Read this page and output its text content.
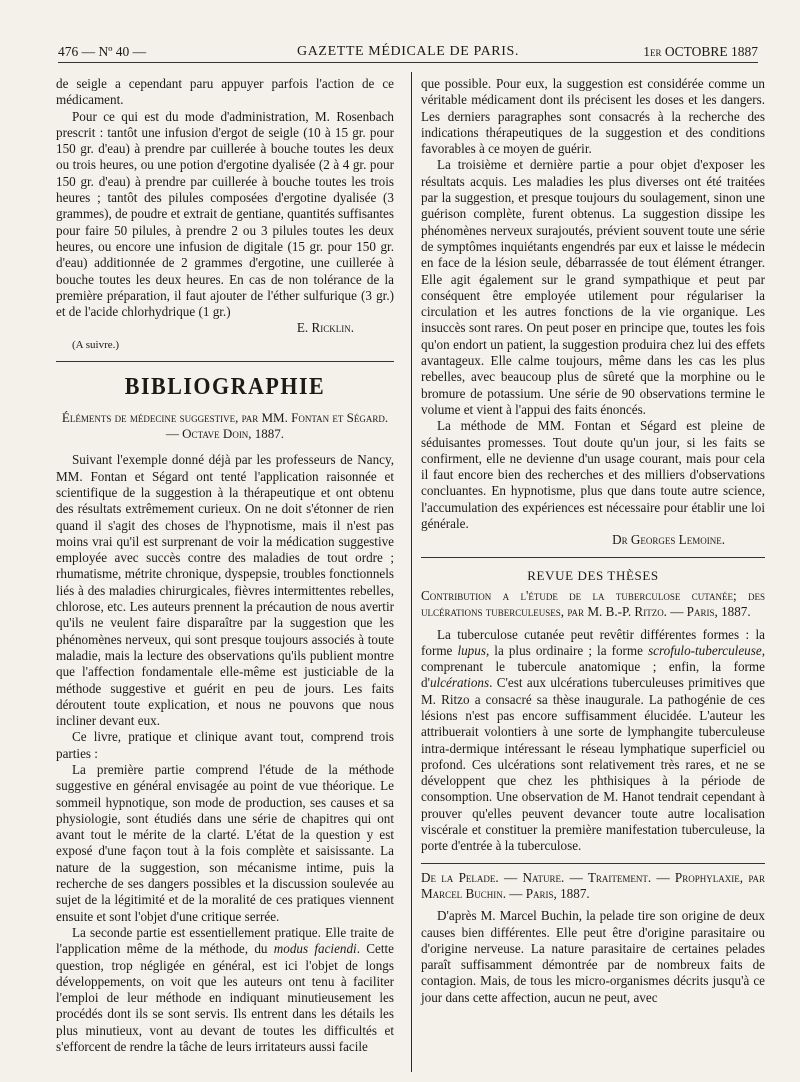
476 — Nº 40 —	GAZETTE MÉDICALE DE PARIS.	1er OCTOBRE 1887

de seigle a cependant paru appuyer parfois l'action de ce médicament.

Pour ce qui est du mode d'administration, M. Rosenbach prescrit : tantôt une infusion d'ergot de seigle (10 à 15 gr. pour 150 gr. d'eau) à prendre par cuillerée à bouche toutes les deux ou trois heures, ou une potion d'ergotine dyalisée (2 à 4 gr. pour 150 gr. d'eau) à prendre par cuillerée à bouche toutes les trois heures ; tantôt des pilules composées d'ergotine dyalisée (3 grammes), de poudre et extrait de gentiane, quantités suffisantes pour faire 50 pilules, à prendre 2 ou 3 pilules toutes les deux heures, ou encore une infusion de digitale (15 gr. pour 150 gr. d'eau) additionnée de 2 grammes d'ergotine, une cuillerée à bouche toutes les deux heures. En cas de non tolérance de la première préparation, il faut ajouter de l'éther sulfurique (3 gr.) et de l'acide chlorhydrique (1 gr.)

E. Ricklin.
(A suivre.)
BIBLIOGRAPHIE
Éléments de médecine suggestive, par MM. Fontan et Ségard. — Octave Doin, 1887.

Suivant l'exemple donné déjà par les professeurs de Nancy, MM. Fontan et Ségard ont tenté l'application raisonnée et scientifique de la suggestion à la thérapeutique et ont obtenu des résultats extrêmement curieux. On ne doit s'étonner de rien quand il s'agit des choses de l'hypnotisme, mais il n'est pas moins vrai qu'il est surprenant de voir la médication suggestive employée avec succès contre des maladies de tout ordre ; rhumatisme, métrite chronique, dyspepsie, troubles fonctionnels liés à des maladies chirurgicales, fièvres intermittentes rebelles, chlorose, etc. Les auteurs prennent la précaution de nous avertir qu'ils ne veulent faire disparaître par la suggestion que les phénomènes nerveux, qui sont presque toujours associés à toute maladie, mais la lecture des observations qu'ils publient montre que l'affection fondamentale elle-même est justiciable de la méthode suggestive et guérit en peu de jours. Les faits déroutent toute explication, et nous ne pouvons que nous incliner devant eux.

Ce livre, pratique et clinique avant tout, comprend trois parties :

La première partie comprend l'étude de la méthode suggestive en général envisagée au point de vue théorique. Le sommeil hypnotique, son mode de production, ses causes et sa physiologie, sont étudiés dans une série de chapitres qui ont avant tout le mérite de la clarté. L'état de la question y est exposé d'une façon tout à la fois complète et saisissante. La nature de la suggestion, son mécanisme intime, puis la recherche de ses dangers possibles et la discussion soulevée au sujet de la légitimité et de la moralité de ces pratiques viennent ensuite et sont l'objet d'une critique serrée.

La seconde partie est essentiellement pratique. Elle traite de l'application même de la méthode, du modus faciendi. Cette question, trop négligée en général, est ici l'objet de longs développements, on voit que les auteurs ont tenu à faciliter l'emploi de leur méthode en indiquant minutieusement les procédés dont ils se sont servis. Ils entrent dans les détails les plus minutieux, vont au devant de toutes les difficultés et s'efforcent de rendre la tâche de leurs irritateurs aussi facile

que possible. Pour eux, la suggestion est considérée comme un véritable médicament dont ils précisent les doses et les dangers. Les derniers paragraphes sont consacrés à la recherche des indications thérapeutiques de la suggestion et des conditions favorables à ce moyen de guérir.

La troisième et dernière partie a pour objet d'exposer les résultats acquis. Les maladies les plus diverses ont été traitées par la suggestion, et presque toujours du soulagement, sinon une guérison complète, furent obtenus. La suggestion dissipe les phénomènes nerveux surajoutés, prévient souvent toute une série de symptômes inquiétants engendrés par eux et laisse le médecin en face de la lésion seule, débarrassée de tout élément étranger. Elle agit également sur le grand sympathique et peut par conséquent être employée utilement pour régulariser la circulation et les autres fonctions de la vie organique. Les insuccès sont rares. On peut poser en principe que, toutes les fois qu'on endort un patient, la suggestion produira chez lui des effets avantageux. Elle calme toujours, même dans les cas les plus rebelles, avec beaucoup plus de sûreté que la morphine ou le bromure de potassium. Une série de 90 observations termine le volume et vient à l'appui des faits énoncés.

La méthode de MM. Fontan et Ségard est pleine de séduisantes promesses. Tout doute qu'un jour, si les faits se confirment, elle ne devienne d'un usage courant, mais pour cela il faut encore bien des recherches et des milliers d'observations concluantes. En hypnotisme, plus que dans toute autre science, l'accumulation des expériences est nécessaire pour établir une loi générale.

Dr Georges Lemoine.
REVUE DES THÈSES

Contribution a l'étude de la tuberculose cutanée; des ulcérations tuberculeuses, par M. B.-P. Ritzo. — Paris, 1887.

La tuberculose cutanée peut revêtir différentes formes : la forme lupus, la plus ordinaire ; la forme scrofulo-tuberculeuse, comprenant le tubercule anatomique ; enfin, la forme d'ulcérations. C'est aux ulcérations tuberculeuses primitives que M. Ritzo a consacré sa thèse inaugurale. La pathogénie de ces lésions n'est pas encore suffisamment élucidée. L'auteur les attribuerait volontiers à une sorte de lymphangite tuberculeuse intra-dermique intéressant le réseau lymphatique superficiel ou profond. Ces ulcérations sont relativement très rares, et ne se développent que chez les phthisiques à la période de consomption. Une observation de M. Hanot tendrait cependant à prouver qu'elles peuvent devancer toute autre localisation viscérale et constituer la première manifestation tuberculeuse, la porte d'entrée à la tuberculose.

De la Pelade. — Nature. — Traitement. — Prophylaxie, par Marcel Buchin. — Paris, 1887.

D'après M. Marcel Buchin, la pelade tire son origine de deux causes bien différentes. Elle peut être d'origine parasitaire ou d'origine nerveuse. La nature parasitaire de certaines pelades paraît suffisamment démontrée par de nombreux faits de contagion. Mais, de tous les micro-organismes décrits jusqu'à ce jour dans cette affection, aucun ne peut, avec
